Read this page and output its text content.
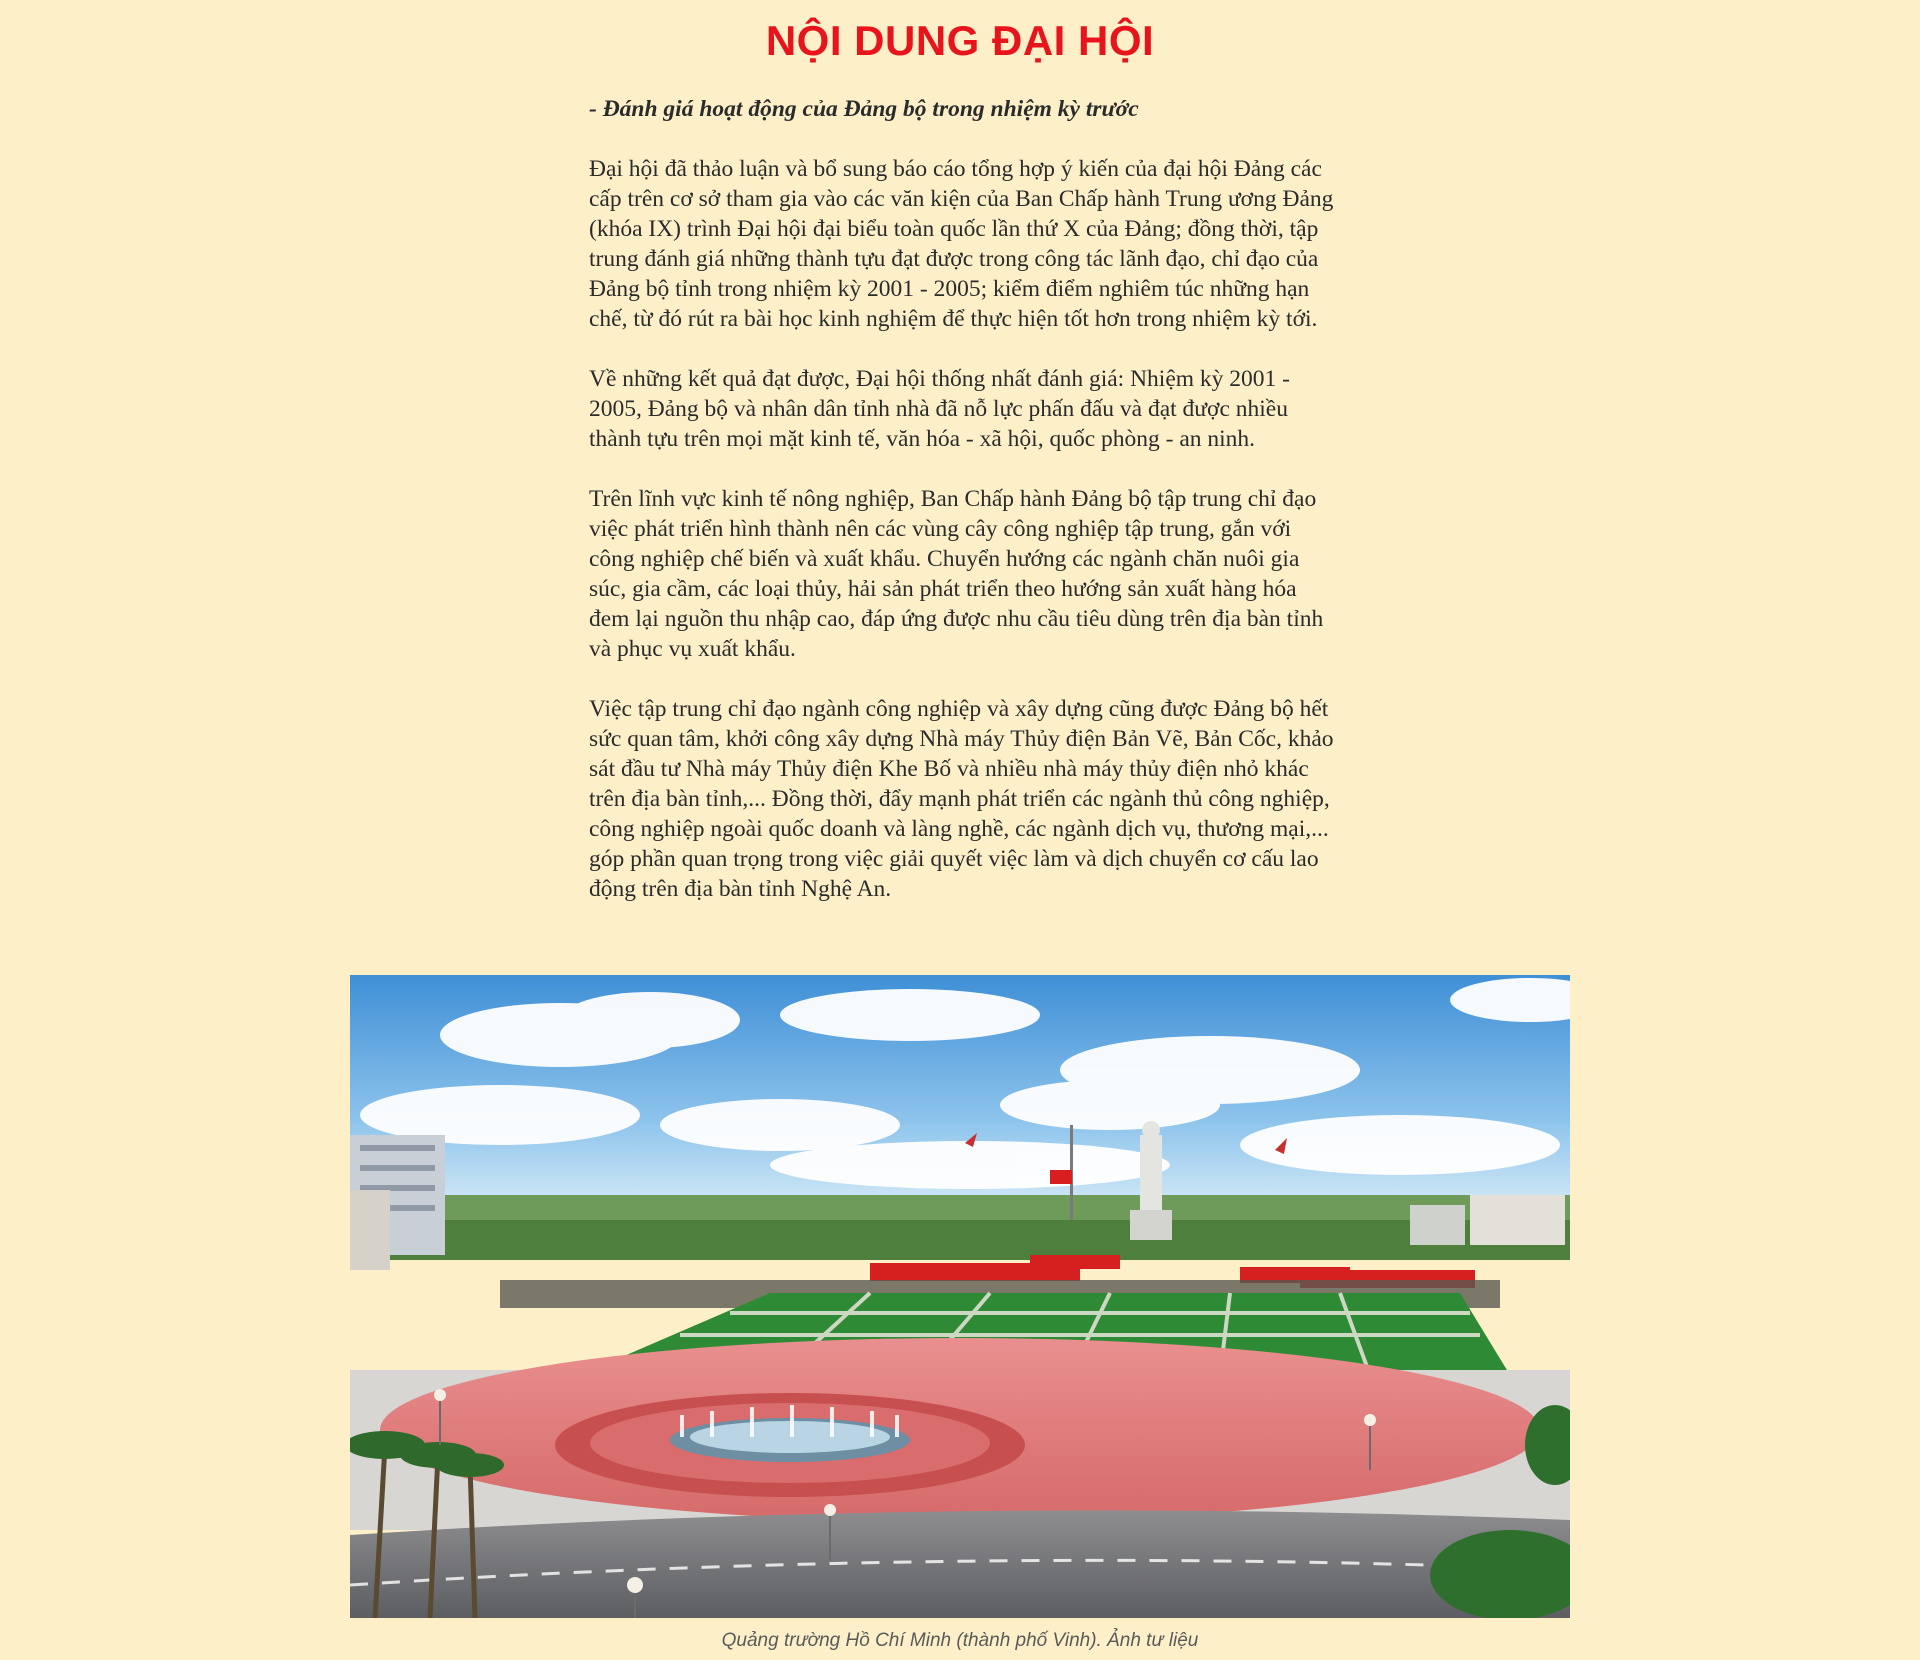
NỘI DUNG ĐẠI HỘI

- Đánh giá hoạt động của Đảng bộ trong nhiệm kỳ trước

Đại hội đã thảo luận và bổ sung báo cáo tổng hợp ý kiến của đại hội Đảng các cấp trên cơ sở tham gia vào các văn kiện của Ban Chấp hành Trung ương Đảng (khóa IX) trình Đại hội đại biểu toàn quốc lần thứ X của Đảng; đồng thời, tập trung đánh giá những thành tựu đạt được trong công tác lãnh đạo, chỉ đạo của Đảng bộ tỉnh trong nhiệm kỳ 2001 - 2005; kiểm điểm nghiêm túc những hạn chế, từ đó rút ra bài học kinh nghiệm để thực hiện tốt hơn trong nhiệm kỳ tới.

Về những kết quả đạt được, Đại hội thống nhất đánh giá: Nhiệm kỳ 2001 - 2005, Đảng bộ và nhân dân tỉnh nhà đã nỗ lực phấn đấu và đạt được nhiều thành tựu trên mọi mặt kinh tế, văn hóa - xã hội, quốc phòng - an ninh.

Trên lĩnh vực kinh tế nông nghiệp, Ban Chấp hành Đảng bộ tập trung chỉ đạo việc phát triển hình thành nên các vùng cây công nghiệp tập trung, gắn với công nghiệp chế biến và xuất khẩu. Chuyển hướng các ngành chăn nuôi gia súc, gia cầm, các loại thủy, hải sản phát triển theo hướng sản xuất hàng hóa đem lại nguồn thu nhập cao, đáp ứng được nhu cầu tiêu dùng trên địa bàn tỉnh và phục vụ xuất khẩu.

Việc tập trung chỉ đạo ngành công nghiệp và xây dựng cũng được Đảng bộ hết sức quan tâm, khởi công xây dựng Nhà máy Thủy điện Bản Vẽ, Bản Cốc, khảo sát đầu tư Nhà máy Thủy điện Khe Bố và nhiều nhà máy thủy điện nhỏ khác trên địa bàn tỉnh,... Đồng thời, đẩy mạnh phát triển các ngành thủ công nghiệp, công nghiệp ngoài quốc doanh và làng nghề, các ngành dịch vụ, thương mại,... góp phần quan trọng trong việc giải quyết việc làm và dịch chuyển cơ cấu lao động trên địa bàn tỉnh Nghệ An.

Quảng trường Hồ Chí Minh (thành phố Vinh). Ảnh tư liệu
